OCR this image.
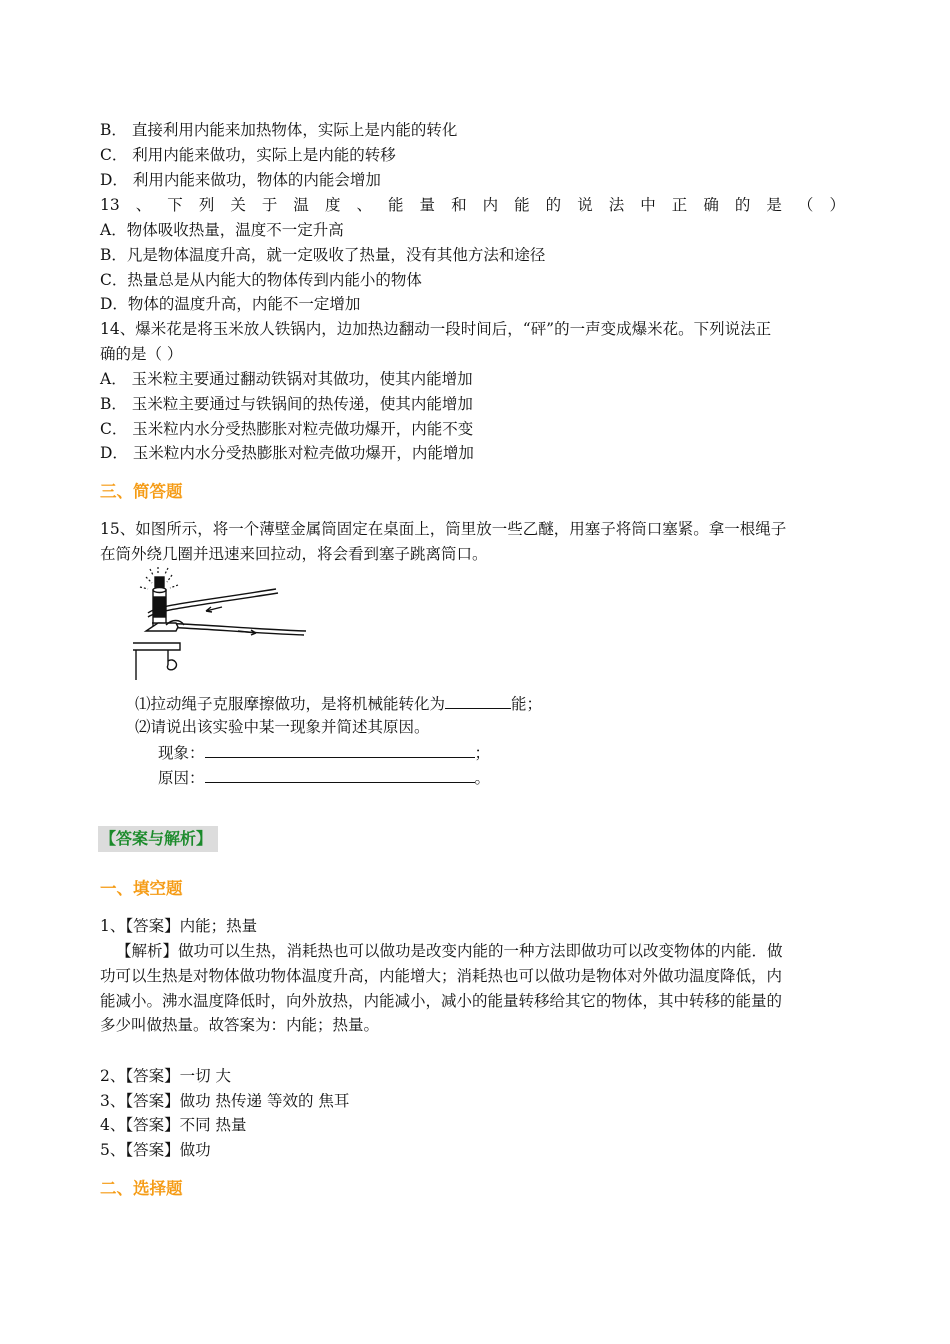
B． 直接利用内能来加热物体，实际上是内能的转化
C． 利用内能来做功，实际上是内能的转移
D． 利用内能来做功，物体的内能会增加
13 、 下 列 关 于 温 度 、 能 量 和 内 能 的 说 法 中 正 确 的 是 （ ）
A．物体吸收热量，温度不一定升高
B．凡是物体温度升高，就一定吸收了热量，没有其他方法和途径
C．热量总是从内能大的物体传到内能小的物体
D．物体的温度升高，内能不一定增加
14、爆米花是将玉米放人铁锅内，边加热边翻动一段时间后，“砰”的一声变成爆米花。下列说法正
确的是（ ）
A． 玉米粒主要通过翻动铁锅对其做功，使其内能增加
B． 玉米粒主要通过与铁锅间的热传递，使其内能增加
C． 玉米粒内水分受热膨胀对粒壳做功爆开，内能不变
D． 玉米粒内水分受热膨胀对粒壳做功爆开，内能增加
三、简答题
15、如图所示，将一个薄壁金属筒固定在桌面上，筒里放一些乙醚，用塞子将筒口塞紧。拿一根绳子
在筒外绕几圈并迅速来回拉动，将会看到塞子跳离筒口。
⑴拉动绳子克服摩擦做功，是将机械能转化为	能；
⑵请说出该实验中某一现象并简述其原因。
现象：	；
原因：	。
【答案与解析】
一、填空题
1、【答案】内能；热量
【解析】做功可以生热，消耗热也可以做功是改变内能的一种方法即做功可以改变物体的内能．做
功可以生热是对物体做功物体温度升高，内能增大；消耗热也可以做功是物体对外做功温度降低，内
能减小。沸水温度降低时，向外放热，内能减小，减小的能量转移给其它的物体，其中转移的能量的
多少叫做热量。故答案为：内能；热量。
2、【答案】一切 大
3、【答案】做功 热传递 等效的 焦耳
4、【答案】不同 热量
5、【答案】做功
二、选择题
